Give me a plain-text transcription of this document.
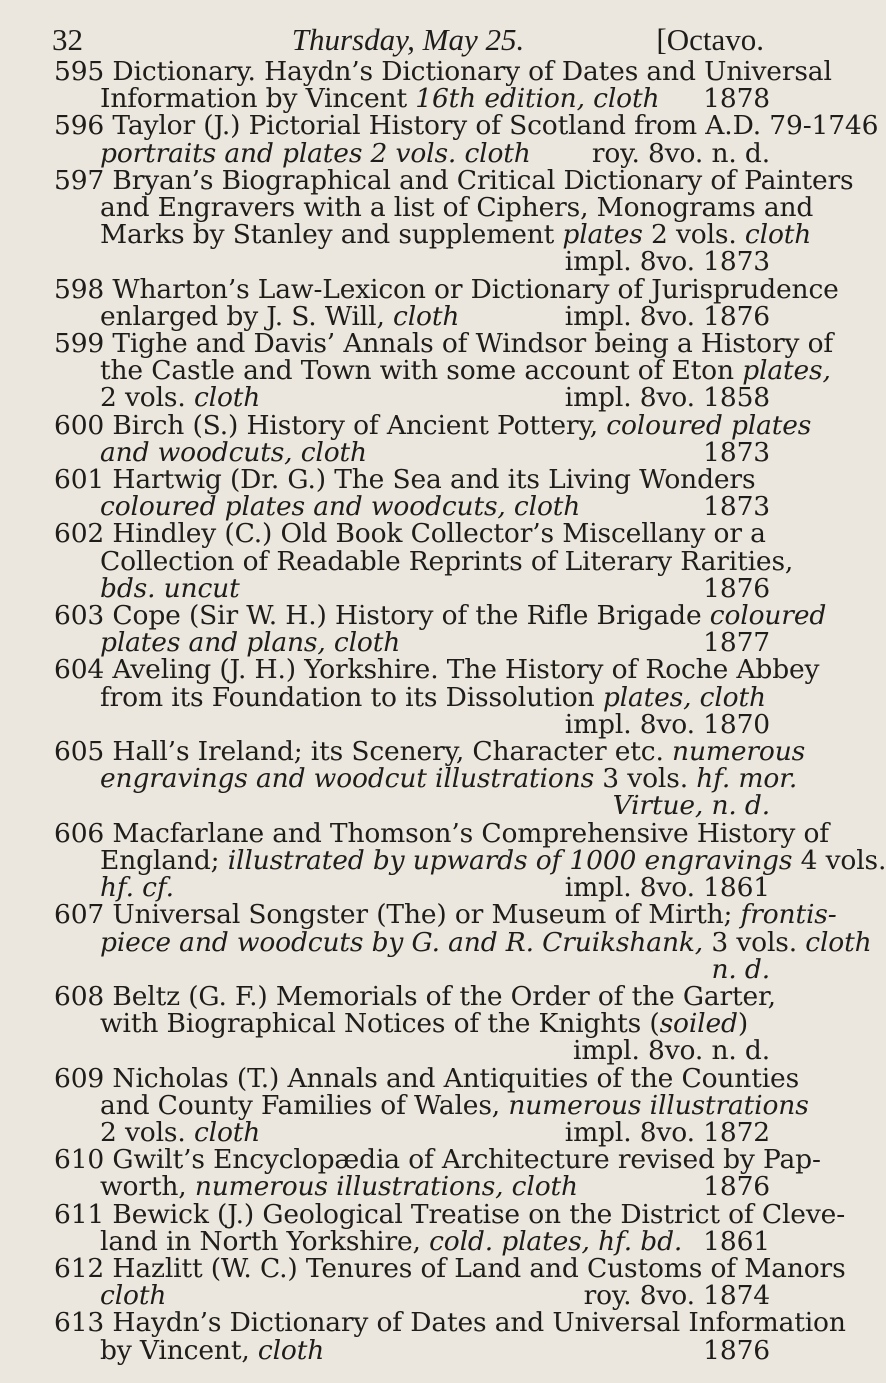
32	Thursday, May 25.	[Octavo.
595 Dictionary. Haydn’s Dictionary of Dates and Universal
Information by Vincent 16th edition, cloth 1878
596 Taylor (J.) Pictorial History of Scotland from A.D. 79-1746
portraits and plates 2 vols. cloth roy. 8vo. n. d.
597 Bryan’s Biographical and Critical Dictionary of Painters
and Engravers with a list of Ciphers, Monograms and
Marks by Stanley and supplement plates 2 vols. cloth
impl. 8vo. 1873

598 Wharton’s Law-Lexicon or Dictionary of Jurisprudence
enlarged by J. S. Will, cloth	impl. 8vo. 1876
599 Tighe and Davis’ Annals of Windsor being a History of
the Castle and Town with some account of Eton plates,
2 vols. cloth	impl. 8vo. 1858
600 Birch (S.) History of Ancient Pottery, coloured plates
and woodcuts, cloth	1873
601 Hartwig (Dr. G.) The Sea and its Living Wonders
coloured plates and woodcuts, cloth	1873
602 Hindley (C.) Old Book Collector’s Miscellany or a
Collection of Readable Reprints of Literary Rarities,
bds. uncut	1876
603 Cope (Sir W. H.) History of the Rifle Brigade coloured
plates and plans, cloth	1877
604 Aveling (J. H.) Yorkshire. The History of Roche Abbey
from its Foundation to its Dissolution plates, cloth
impl. 8vo. 1870

605 Hall’s Ireland; its Scenery, Character etc. numerous
engravings and woodcut illustrations 3 vols. hf. mor.
Virtue, n. d.

606 Macfarlane and Thomson’s Comprehensive History of
England; illustrated by upwards of 1000 engravings 4 vols.
hf. cf.	impl. 8vo. 1861
607 Universal Songster (The) or Museum of Mirth; frontis-
piece and woodcuts by G. and R. Cruikshank, 3 vols. cloth
n. d.

608 Beltz (G. F.) Memorials of the Order of the Garter,
with Biographical Notices of the Knights (soiled)
impl. 8vo. n. d.

609 Nicholas (T.) Annals and Antiquities of the Counties
and County Families of Wales, numerous illustrations
2 vols. cloth	impl. 8vo. 1872
610 Gwilt’s Encyclopædia of Architecture revised by Pap-
worth, numerous illustrations, cloth	1876
611 Bewick (J.) Geological Treatise on the District of Cleve-
land in North Yorkshire, cold. plates, hf. bd. 1861
612 Hazlitt (W. C.) Tenures of Land and Customs of Manors
cloth	roy. 8vo. 1874
613 Haydn’s Dictionary of Dates and Universal Information
by Vincent, cloth	1876
